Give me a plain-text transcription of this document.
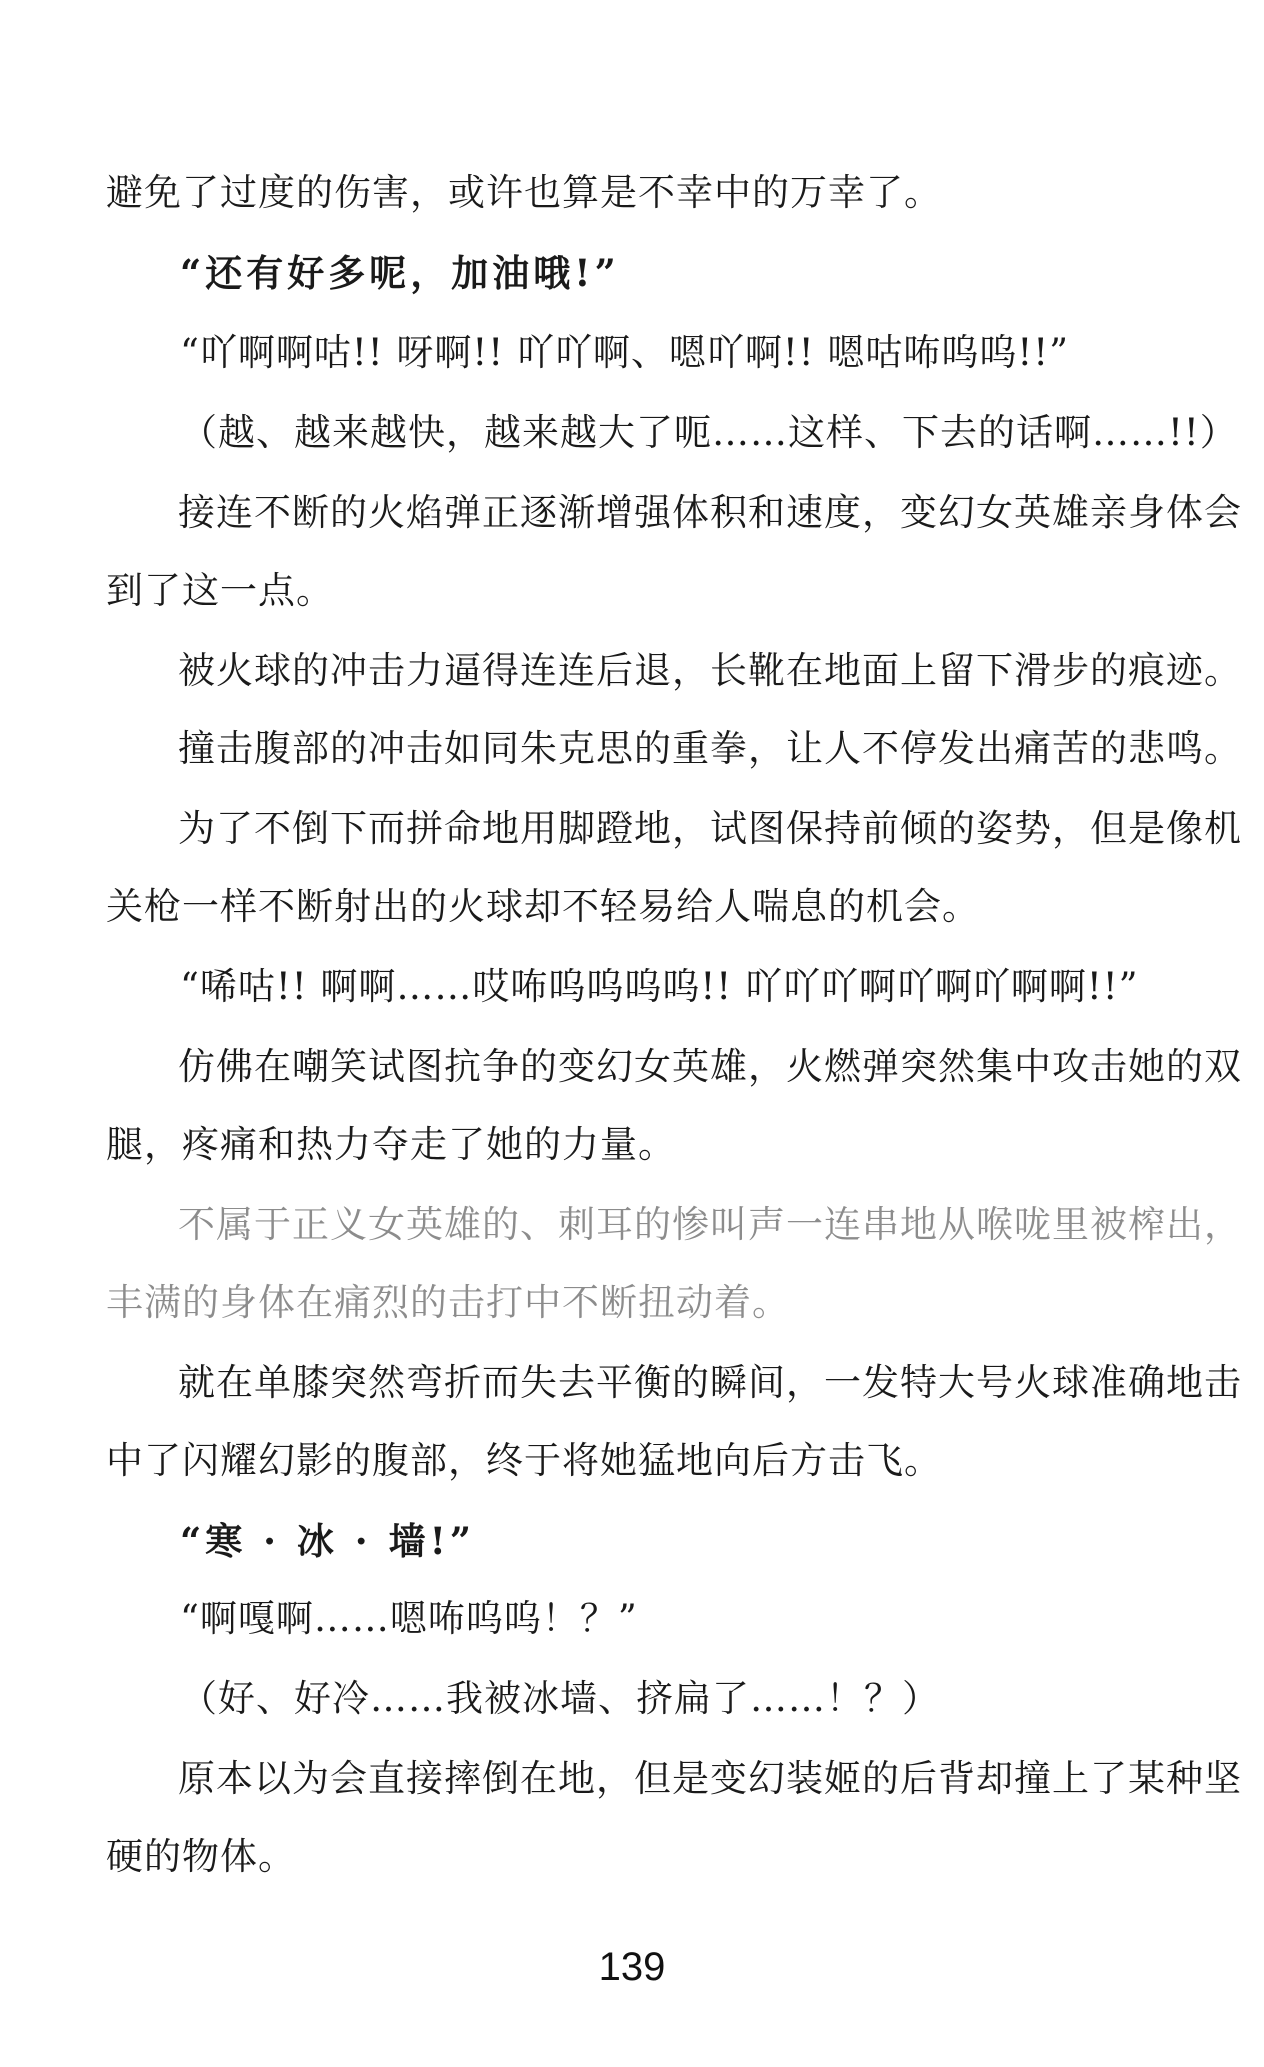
避免了过度的伤害，或许也算是不幸中的万幸了。
“还有好多呢，加油哦!”
“吖啊啊咕!! 呀啊!! 吖吖啊、嗯吖啊!! 嗯咕咘呜呜!!”
（越、越来越快，越来越大了呃……这样、下去的话啊……!!）
接连不断的火焰弹正逐渐增强体积和速度，变幻女英雄亲身体会
到了这一点。
被火球的冲击力逼得连连后退，长靴在地面上留下滑步的痕迹。
撞击腹部的冲击如同朱克思的重拳，让人不停发出痛苦的悲鸣。
为了不倒下而拼命地用脚蹬地，试图保持前倾的姿势，但是像机
关枪一样不断射出的火球却不轻易给人喘息的机会。
“唏咕!! 啊啊……哎咘呜呜呜呜!! 吖吖吖啊吖啊吖啊啊!!”
仿佛在嘲笑试图抗争的变幻女英雄，火燃弹突然集中攻击她的双
腿，疼痛和热力夺走了她的力量。
不属于正义女英雄的、刺耳的惨叫声一连串地从喉咙里被榨出，
丰满的身体在痛烈的击打中不断扭动着。
就在单膝突然弯折而失去平衡的瞬间，一发特大号火球准确地击
中了闪耀幻影的腹部，终于将她猛地向后方击飞。
“寒 · 冰 · 墙!”
“啊嘎啊……嗯咘呜呜！？”
（好、好冷……我被冰墙、挤扁了……！？）
原本以为会直接摔倒在地，但是变幻装姬的后背却撞上了某种坚
硬的物体。
139
